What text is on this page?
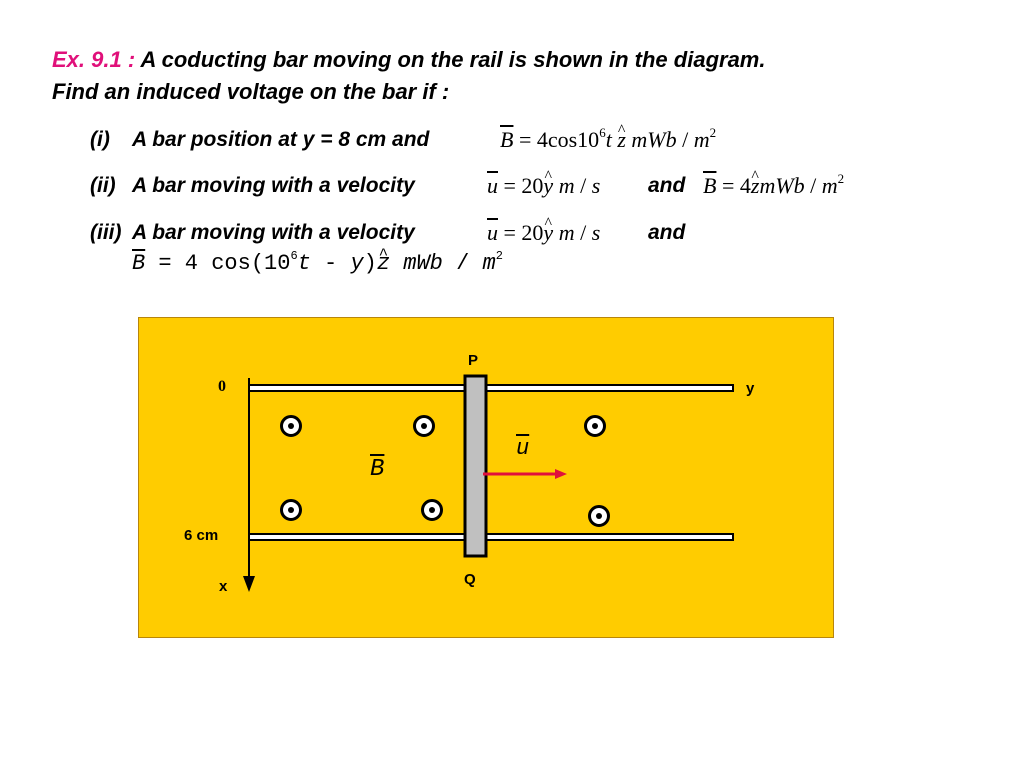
Ex. 9.1 : A coducting bar moving on the rail is shown in the diagram.
Find an induced voltage on the bar if :
(i) A bar position at y = 8 cm and	$\overline{B} = 4\cos 10^6t$ ^ z mWb / $m^2$
(ii) A bar moving with a velocity	$\overline{u}$ = 20^ y m / s and $\overline{B}$ = 4^ zmWb / $m^2$
(iii) A bar moving with a velocity	$\overline{u}$ = 20^ y m / s and
$\overline{B} = 4$ $\cos(10^6t$ - y)^ z mWb / $m^2$
P
Q
0	y
6 cm
x
$\overline{u}$
$\overline{B}$
